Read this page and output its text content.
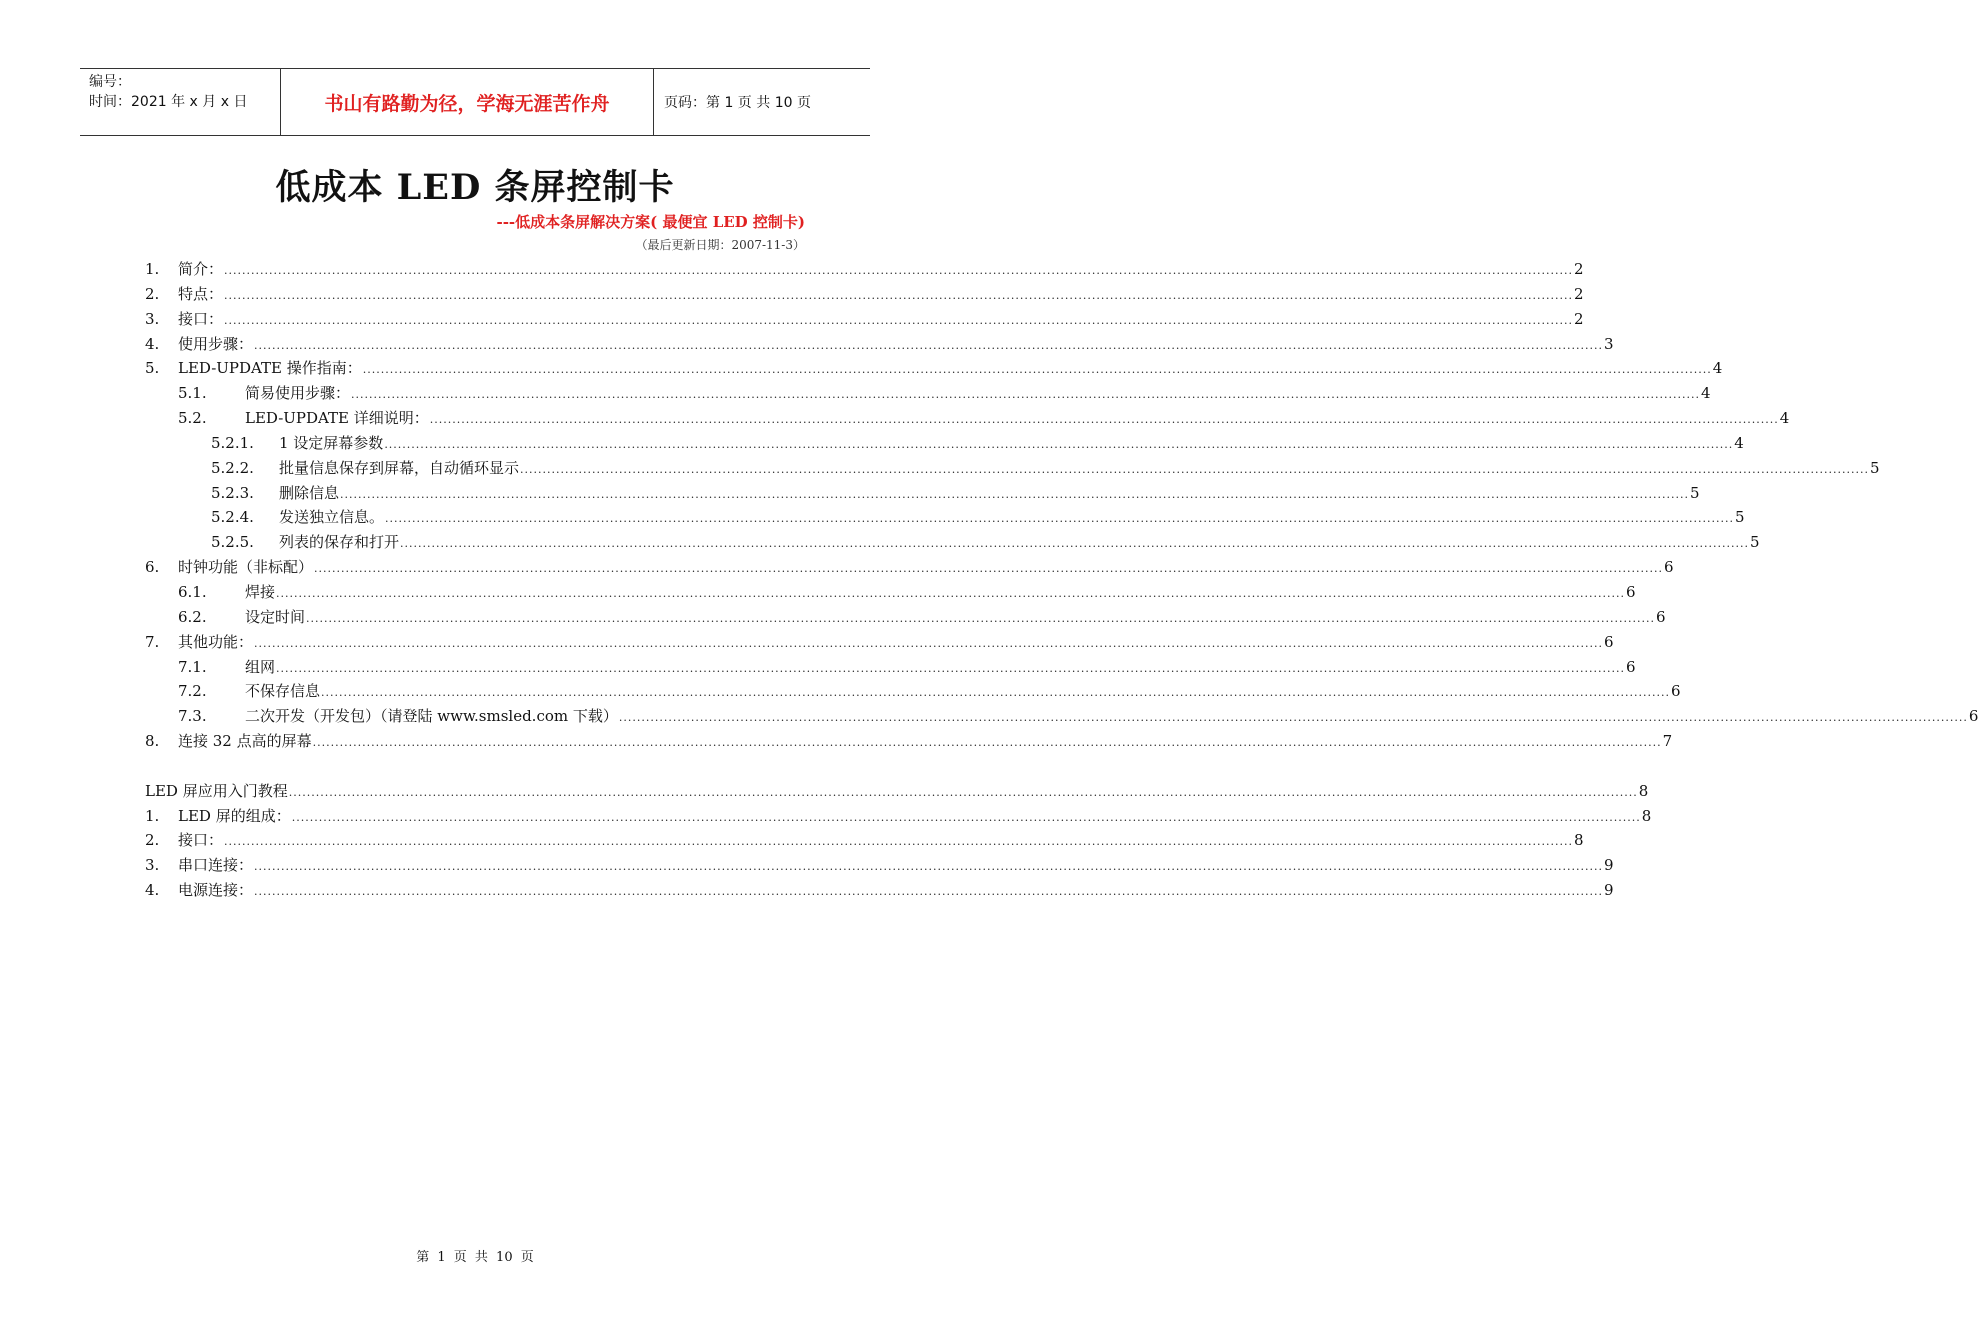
编号：
时间：2021 年 x 月 x 日	书山有路勤为径，学海无涯苦作舟	页码：第 1 页 共 10 页
低成本 LED 条屏控制卡
---低成本条屏解决方案( 最便宜 LED 控制卡)
（最后更新日期：2007-11-3）
1.	简介： ............................................................................................................................................................................................................................................................................................................ 2
2.	特点： ............................................................................................................................................................................................................................................................................................................ 2
3.	接口： ............................................................................................................................................................................................................................................................................................................ 2
4.	使用步骤： ............................................................................................................................................................................................................................................................................................................ 3
5.	LED-UPDATE 操作指南： ............................................................................................................................................................................................................................................................................................................ 4
5.1.	简易使用步骤： ............................................................................................................................................................................................................................................................................................................ 4
5.2.	LED-UPDATE 详细说明： ............................................................................................................................................................................................................................................................................................................ 4
5.2.1.	1 设定屏幕参数 ............................................................................................................................................................................................................................................................................................................ 4
5.2.2.	批量信息保存到屏幕，自动循环显示 ............................................................................................................................................................................................................................................................................................................ 5
5.2.3.	删除信息 ............................................................................................................................................................................................................................................................................................................ 5
5.2.4.	发送独立信息。 ............................................................................................................................................................................................................................................................................................................ 5
5.2.5.	列表的保存和打开 ............................................................................................................................................................................................................................................................................................................ 5
6.	时钟功能（非标配） ............................................................................................................................................................................................................................................................................................................ 6
6.1.	焊接 ............................................................................................................................................................................................................................................................................................................ 6
6.2.	设定时间 ............................................................................................................................................................................................................................................................................................................ 6
7.	其他功能： ............................................................................................................................................................................................................................................................................................................ 6
7.1.	组网 ............................................................................................................................................................................................................................................................................................................ 6
7.2.	不保存信息 ............................................................................................................................................................................................................................................................................................................ 6
7.3.	二次开发（开发包）（请登陆 www.smsled.com 下载） ............................................................................................................................................................................................................................................................................................................ 6
8.	连接 32 点高的屏幕 ............................................................................................................................................................................................................................................................................................................ 7
LED 屏应用入门教程 ............................................................................................................................................................................................................................................................................................................ 8
1.	LED 屏的组成： ............................................................................................................................................................................................................................................................................................................ 8
2.	接口： ............................................................................................................................................................................................................................................................................................................ 8
3.	串口连接： ............................................................................................................................................................................................................................................................................................................ 9
4.	电源连接： ............................................................................................................................................................................................................................................................................................................ 9
第 1 页 共 10 页
